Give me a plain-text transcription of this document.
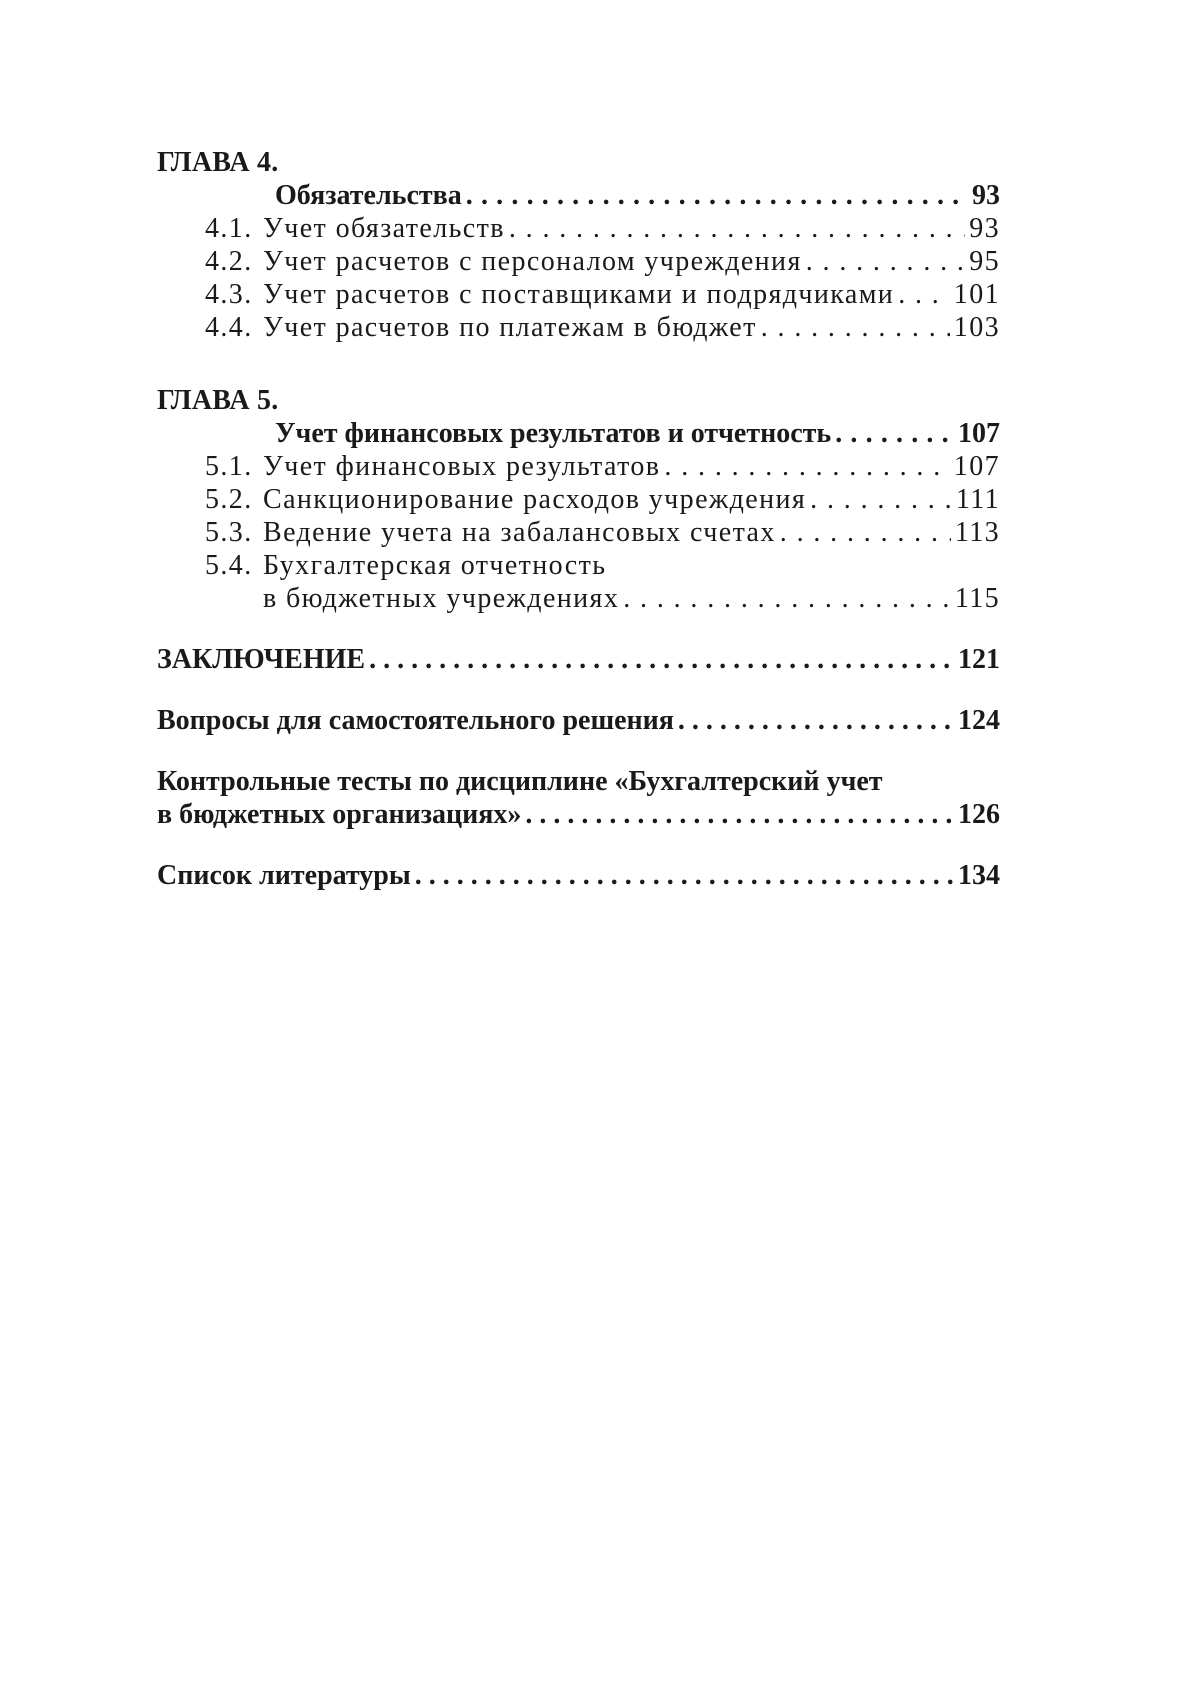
ГЛАВА 4.
Обязательства . . .	93
4.1. Учет обязательств . . .	93
4.2. Учет расчетов с персоналом учреждения . . .	95
4.3. Учет расчетов с поставщиками и подрядчиками . . . 101
4.4. Учет расчетов по платежам в бюджет . . .	103
ГЛАВА 5.
Учет финансовых результатов и отчетность . . .	107
5.1. Учет финансовых результатов . . .	107
5.2. Санкционирование расходов учреждения . . .	111
5.3. Ведение учета на забалансовых счетах . . .	113
5.4. Бухгалтерская отчетность
в бюджетных учреждениях . . .	115
ЗАКЛЮЧЕНИЕ . . .	121
Вопросы для самостоятельного решения . . .	124
Контрольные тесты по дисциплине «Бухгалтерский учет
в бюджетных организациях» . . .	126
Список литературы . . .	134
